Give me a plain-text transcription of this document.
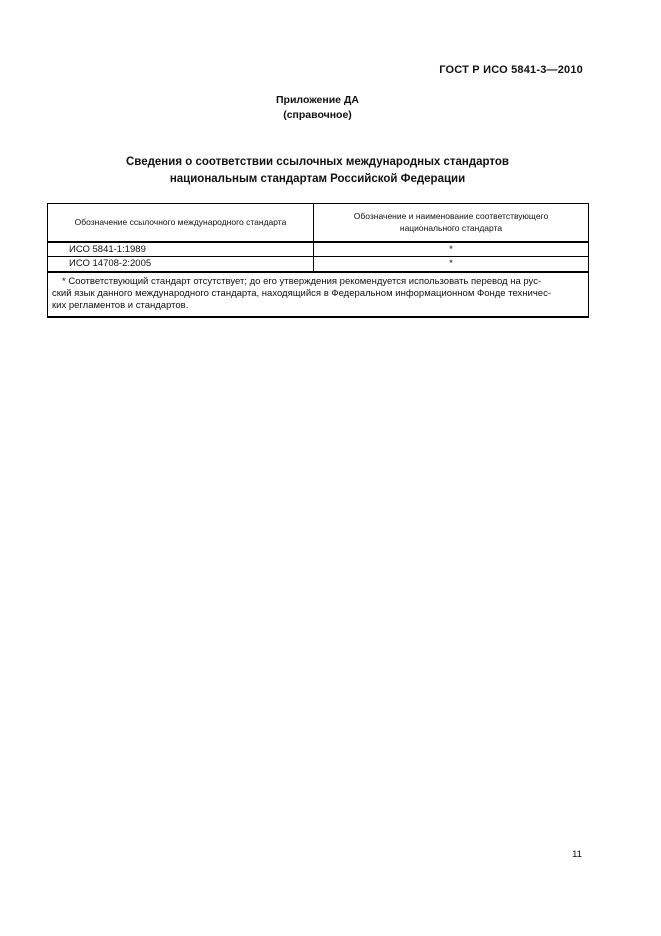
ГОСТ Р ИСО 5841-3—2010
Приложение ДА
(справочное)
Сведения о соответствии ссылочных международных стандартов
национальным стандартам Российской Федерации
Обозначение ссылочного международного стандарта	Обозначение и наименование соответствующего национального стандарта
ИСО 5841-1:1989	*
ИСО 14708-2:2005	*

* Соответствующий стандарт отсутствует; до его утверждения рекомендуется использовать перевод на рус-
ский язык данного международного стандарта, находящийся в Федеральном информационном Фонде техничес-
ких регламентов и стандартов.	
11
